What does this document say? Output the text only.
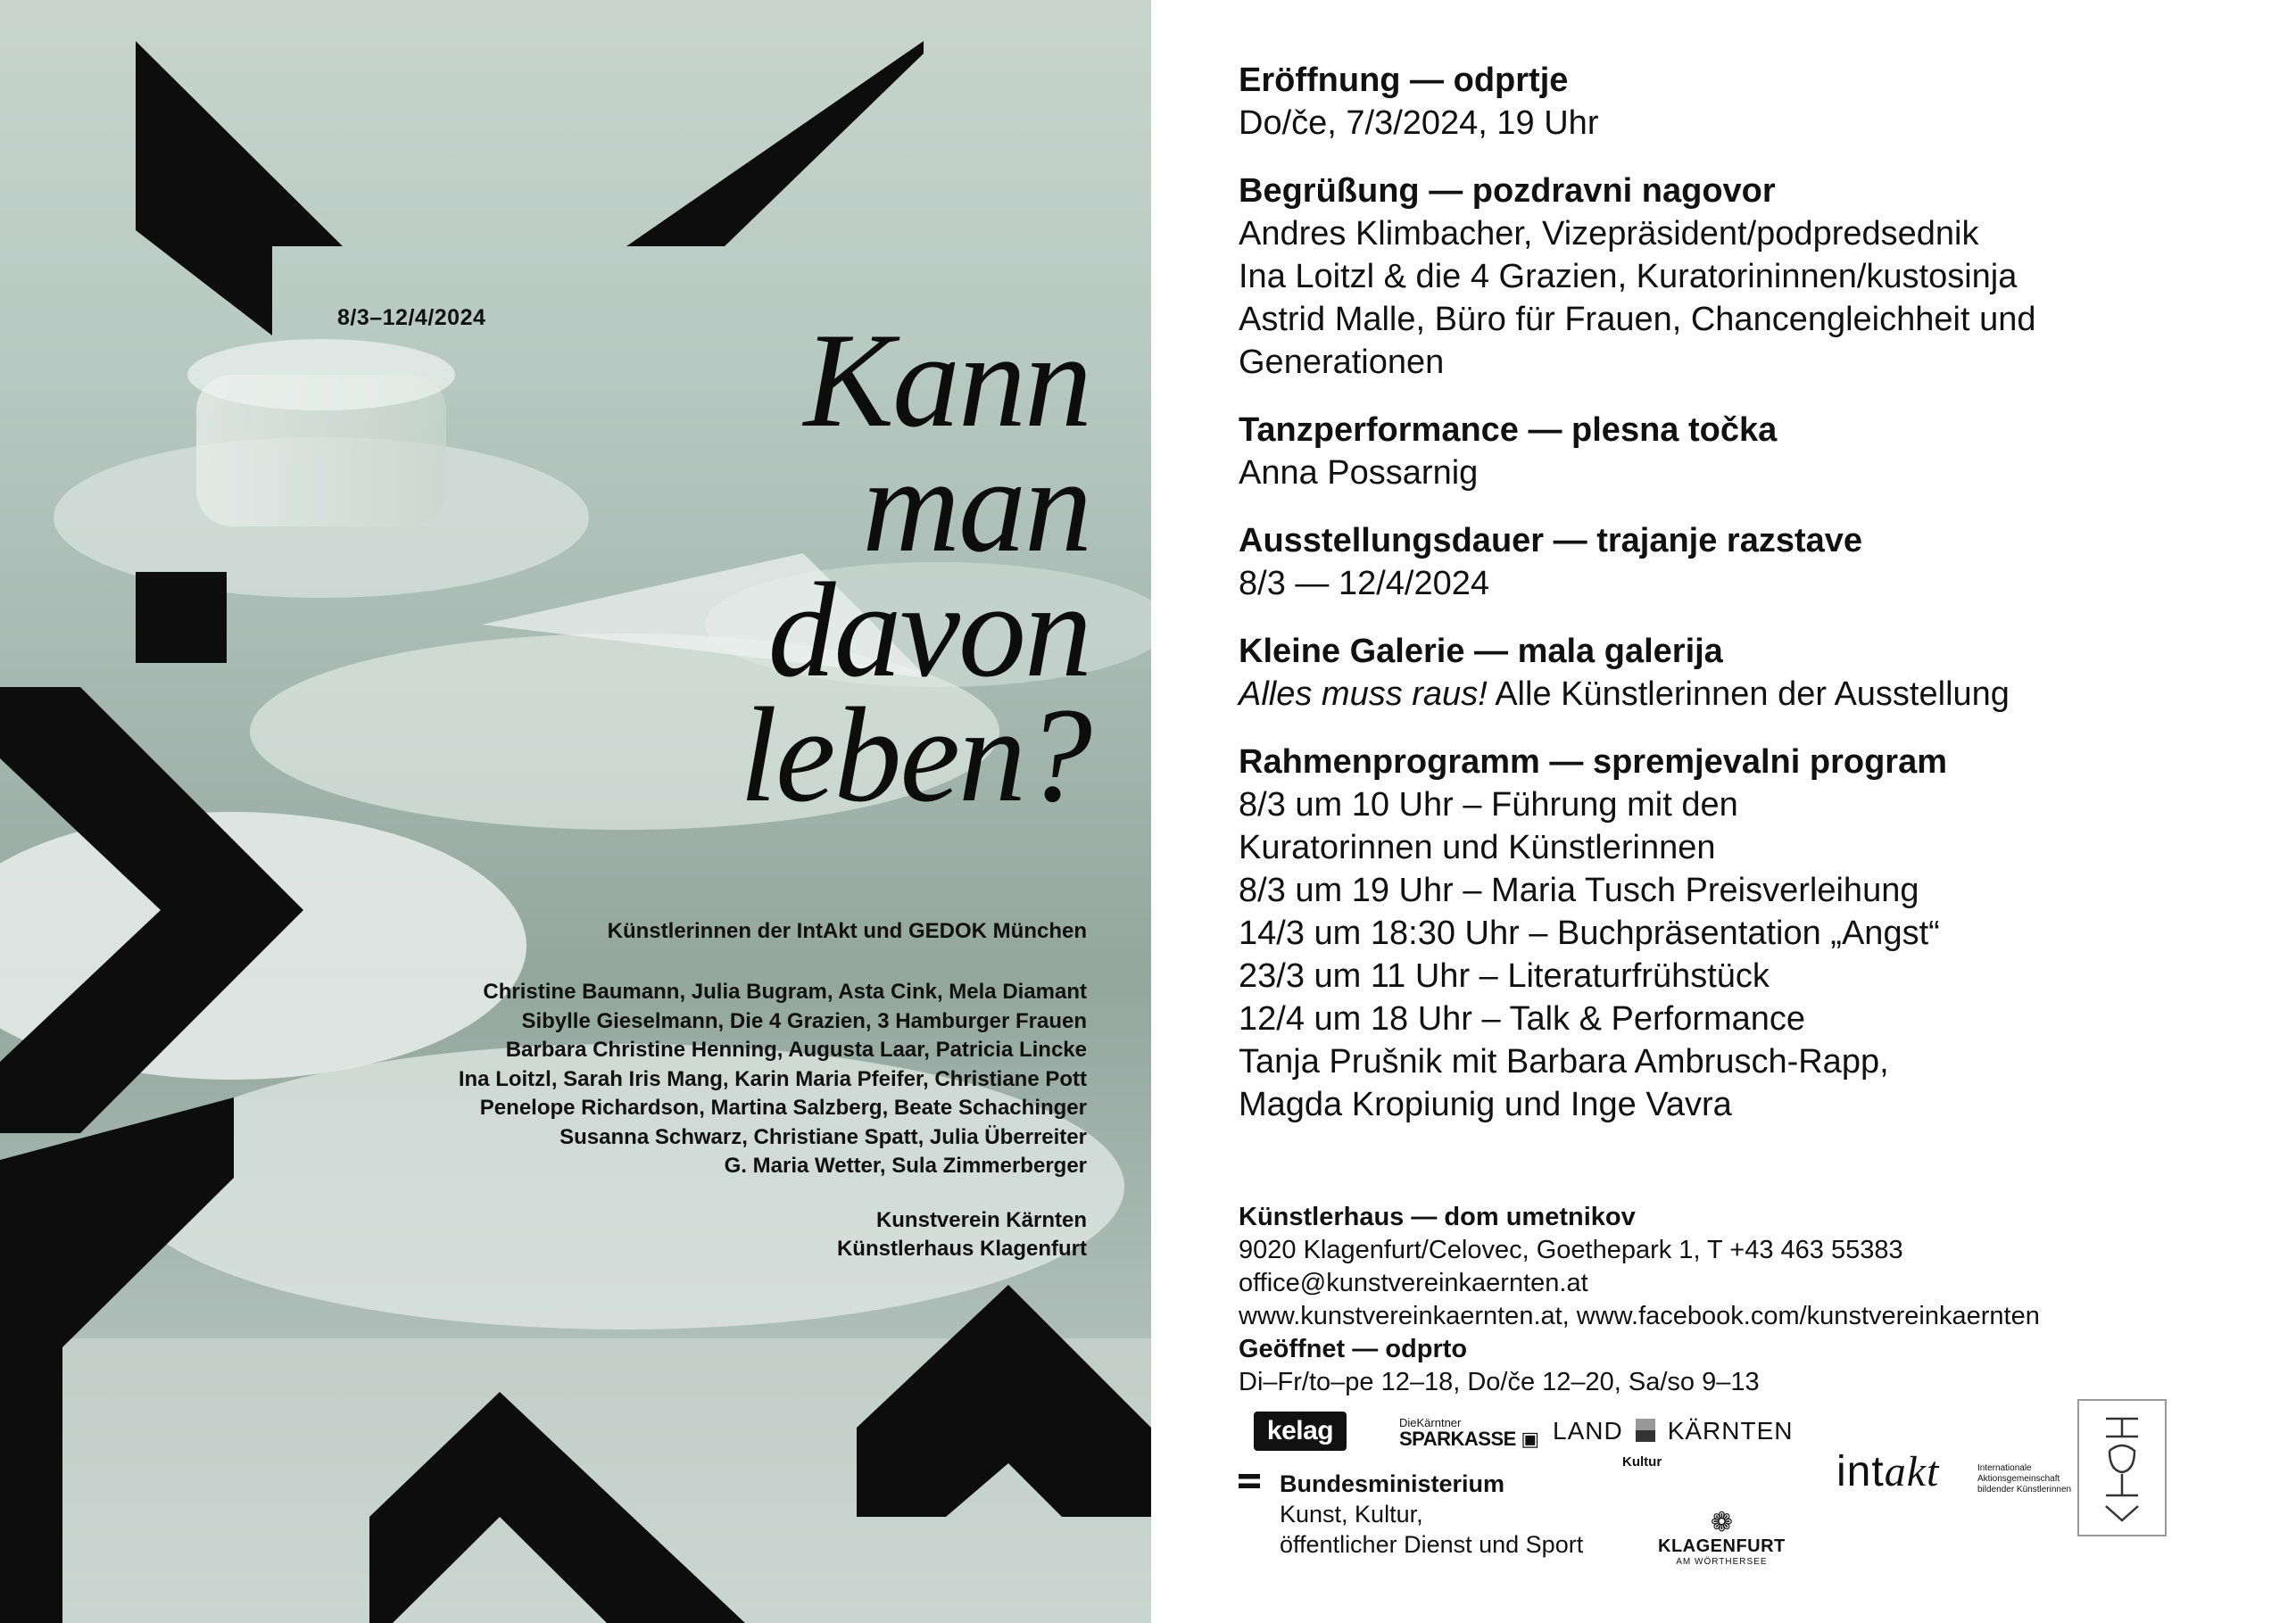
8/3–12/4/2024	Kann
man
davon
leben?
Künstlerinnen der IntAkt und GEDOK München
Christine Baumann, Julia Bugram, Asta Cink, Mela Diamant
Sibylle Gieselmann, Die 4 Grazien, 3 Hamburger Frauen
Barbara Christine Henning, Augusta Laar, Patricia Lincke
Ina Loitzl, Sarah Iris Mang, Karin Maria Pfeifer, Christiane Pott
Penelope Richardson, Martina Salzberg, Beate Schachinger
Susanna Schwarz, Christiane Spatt, Julia Überreiter
G. Maria Wetter, Sula Zimmerberger
Kunstverein Kärnten
Künstlerhaus Klagenfurt
Eröffnung — odprtje
Do/če, 7/3/2024, 19 Uhr
Begrüßung — pozdravni nagovor
Andres Klimbacher, Vizepräsident/podpredsednik
Ina Loitzl & die 4 Grazien, Kuratorininnen/kustosinja
Astrid Malle, Büro für Frauen, Chancengleichheit und
Generationen
Tanzperformance — plesna točka
Anna Possarnig
Ausstellungsdauer — trajanje razstave
8/3 — 12/4/2024
Kleine Galerie — mala galerija
Alles muss raus! Alle Künstlerinnen der Ausstellung
Rahmenprogramm — spremjevalni program
8/3 um 10 Uhr – Führung mit den
Kuratorinnen und Künstlerinnen
8/3 um 19 Uhr – Maria Tusch Preisverleihung
14/3 um 18:30 Uhr – Buchpräsentation „Angst“
23/3 um 11 Uhr – Literaturfrühstück
12/4 um 18 Uhr – Talk & Performance
Tanja Prušnik mit Barbara Ambrusch-Rapp,
Magda Kropiunig und Inge Vavra
Künstlerhaus — dom umetnikov
9020 Klagenfurt/Celovec, Goethepark 1, T +43 463 55383
office@kunstvereinkaernten.at
www.kunstvereinkaernten.at, www.facebook.com/kunstvereinkaernten
Geöffnet — odprto
Di–Fr/to–pe 12–18, Do/če 12–20, Sa/so 9–13
kelag	DieKärntner
SPARKASSE ▣ LAND KÄRNTEN
Kultur
Bundesministerium
Kunst, Kultur,
öffentlicher Dienst und Sport
❁
KLAGENFURT
AM WÖRTHERSEE
intakt	Internationale
Aktionsgemeinschaft
bildender Künstlerinnen
